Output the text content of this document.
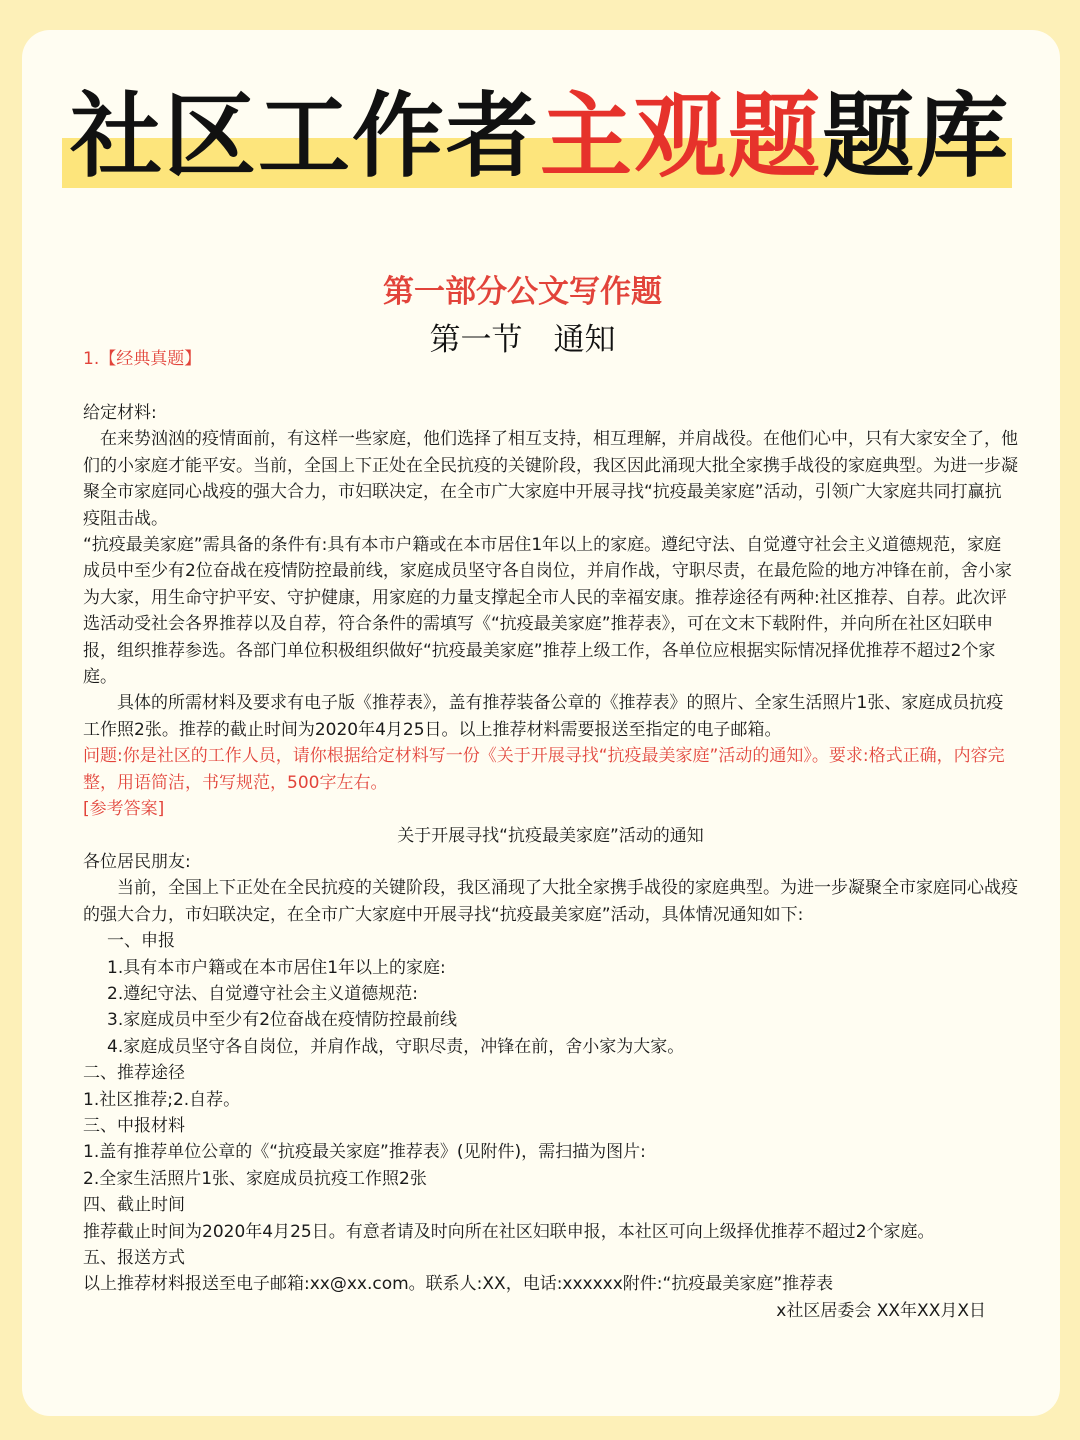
社区工作者主观题题库
第一部分公文写作题
第一节　通知
1.【经典真题】

给定材料:

在来势汹汹的疫情面前，有这样一些家庭，他们选择了相互支持，相互理解，并肩战役。在他们心中，只有大家安全了，他们的小家庭才能平安。当前，全国上下正处在全民抗疫的关键阶段，我区因此涌现大批全家携手战役的家庭典型。为进一步凝聚全市家庭同心战疫的强大合力，市妇联决定，在全市广大家庭中开展寻找“抗疫最美家庭”活动，引领广大家庭共同打赢抗疫阻击战。

“抗疫最美家庭”需具备的条件有:具有本市户籍或在本市居住1年以上的家庭。遵纪守法、自觉遵守社会主义道德规范，家庭成员中至少有2位奋战在疫情防控最前线，家庭成员坚守各自岗位，并肩作战，守职尽责，在最危险的地方冲锋在前，舍小家为大家，用生命守护平安、守护健康，用家庭的力量支撑起全市人民的幸福安康。推荐途径有两种:社区推荐、自荐。此次评选活动受社会各界推荐以及自荐，符合条件的需填写《“抗疫最美家庭”推荐表》，可在文末下载附件，并向所在社区妇联申报，组织推荐参选。各部门单位积极组织做好“抗疫最美家庭”推荐上级工作，各单位应根据实际情况择优推荐不超过2个家庭。

具体的所需材料及要求有电子版《推荐表》，盖有推荐装备公章的《推荐表》的照片、全家生活照片1张、家庭成员抗疫工作照2张。推荐的截止时间为2020年4月25日。以上推荐材料需要报送至指定的电子邮箱。

问题:你是社区的工作人员，请你根据给定材料写一份《关于开展寻找“抗疫最美家庭”活动的通知》。要求:格式正确，内容完整，用语简洁，书写规范，500字左右。

[参考答案]

关于开展寻找“抗疫最美家庭”活动的通知

各位居民朋友:

当前，全国上下正处在全民抗疫的关键阶段，我区涌现了大批全家携手战役的家庭典型。为进一步凝聚全市家庭同心战疫的强大合力，市妇联决定，在全市广大家庭中开展寻找“抗疫最美家庭”活动，具体情况通知如下:

一、申报

1.具有本市户籍或在本市居住1年以上的家庭:

2.遵纪守法、自觉遵守社会主义道德规范:

3.家庭成员中至少有2位奋战在疫情防控最前线

4.家庭成员坚守各自岗位，并肩作战，守职尽责，冲锋在前，舍小家为大家。

二、推荐途径

1.社区推荐;2.自荐。

三、中报材料

1.盖有推荐单位公章的《“抗疫最关家庭”推荐表》(见附件)，需扫描为图片:

2.全家生活照片1张、家庭成员抗疫工作照2张

四、截止时间

推荐截止时间为2020年4月25日。有意者请及时向所在社区妇联申报，本社区可向上级择优推荐不超过2个家庭。

五、报送方式

以上推荐材料报送至电子邮箱:xx@xx.com。联系人:XX，电话:xxxxxx附件:“抗疫最美家庭”推荐表

x社区居委会 XX年XX月X日
